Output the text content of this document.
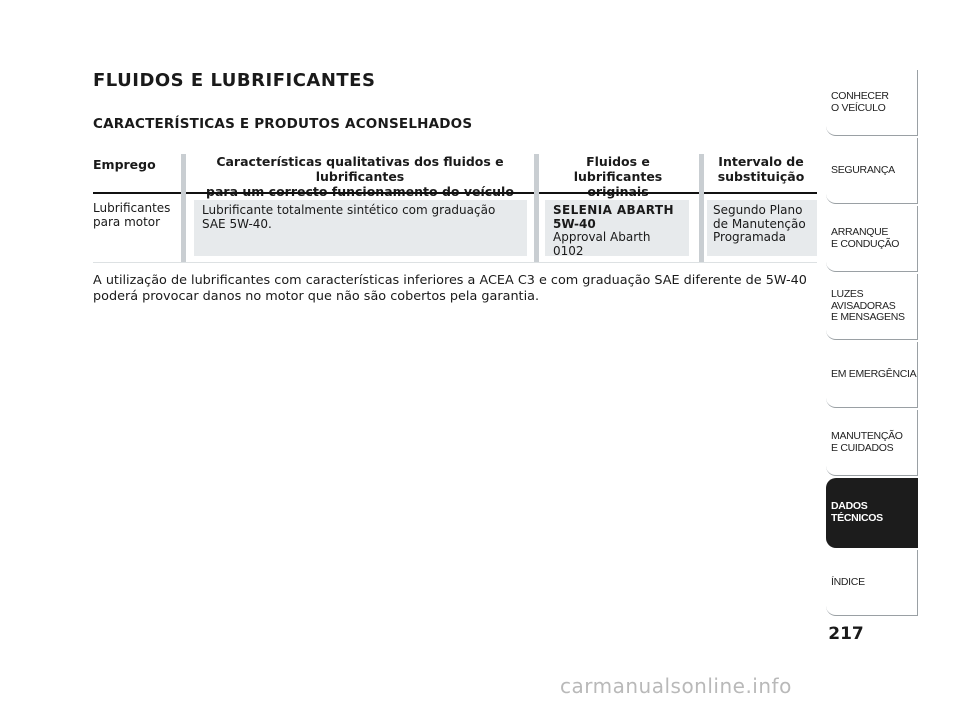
FLUIDOS E LUBRIFICANTES
CARACTERÍSTICAS E PRODUTOS ACONSELHADOS
Emprego	Características qualitativas dos fluidos e lubrificantes
Fluidos e lubrificantes
Intervalo de
substituição
Lubrificantes
para motor
Lubrificante totalmente sintético com graduação
SAE 5W-40.
SELENIA ABARTH
5W-40
Approval Abarth 0102
Segundo Plano
de Manutenção
Programada
A utilização de lubrificantes com características inferiores a ACEA C3 e com graduação SAE diferente de 5W-40
poderá provocar danos no motor que não são cobertos pela garantia.
CONHECER
O VEÍCULO
SEGURANÇA
ARRANQUE
E CONDUÇÃO
LUZES
AVISADORAS
E MENSAGENS
EM EMERGÊNCIA
MANUTENÇÃO
E CUIDADOS
DADOS
TÉCNICOS
ÍNDICE
217
carmanualsonline.info
